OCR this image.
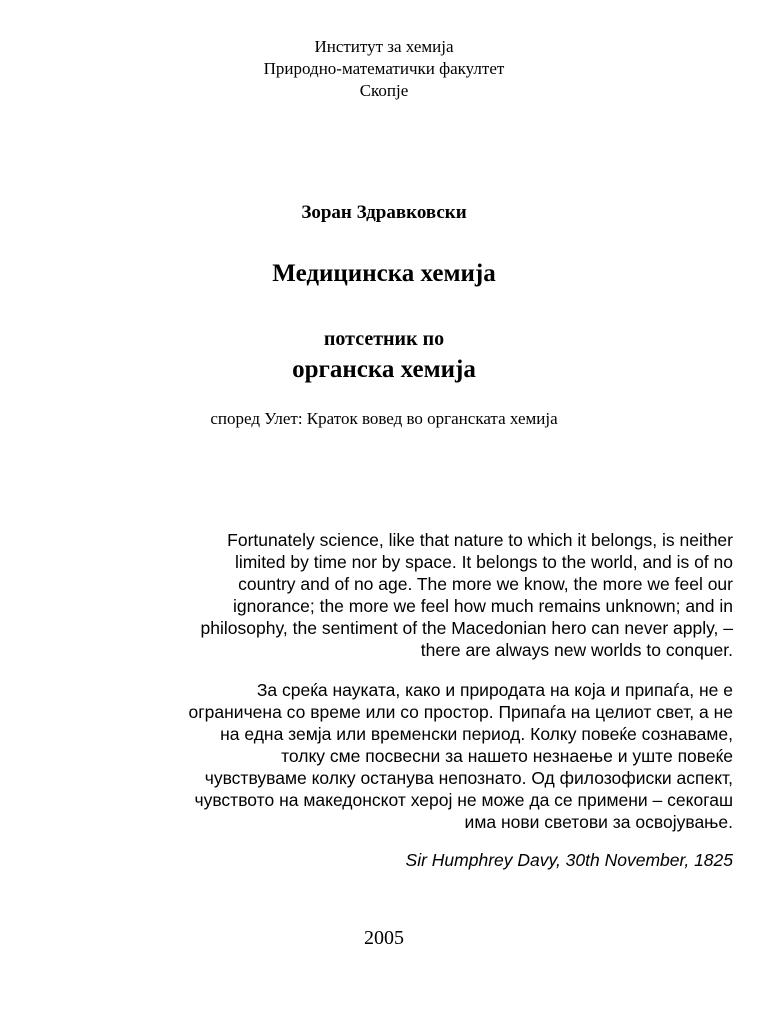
Институт за хемија
Природно-математички факултет
Скопје
Зоран Здравковски
Медицинска хемија
потсетник по
органска хемија
според Улет: Краток вовед во органската хемија
Fortunately science, like that nature to which it belongs, is neither
limited by time nor by space. It belongs to the world, and is of no
country and of no age. The more we know, the more we feel our
ignorance; the more we feel how much remains unknown; and in
philosophy, the sentiment of the Macedonian hero can never apply, –
there are always new worlds to conquer.
За среќа науката, како и природата на која и припаѓа, не е
ограничена со време или со простор. Припаѓа на целиот свет, а не
на една земја или временски период. Колку повеќе сознаваме,
толку сме посвесни за нашето незнаење и уште повеќе
чувствуваме колку останува непознато. Од филозофиски аспект,
чувството на македонскот херој не може да се примени – секогаш
има нови светови за освојување.
Sir Humphrey Davy, 30th November, 1825
2005
